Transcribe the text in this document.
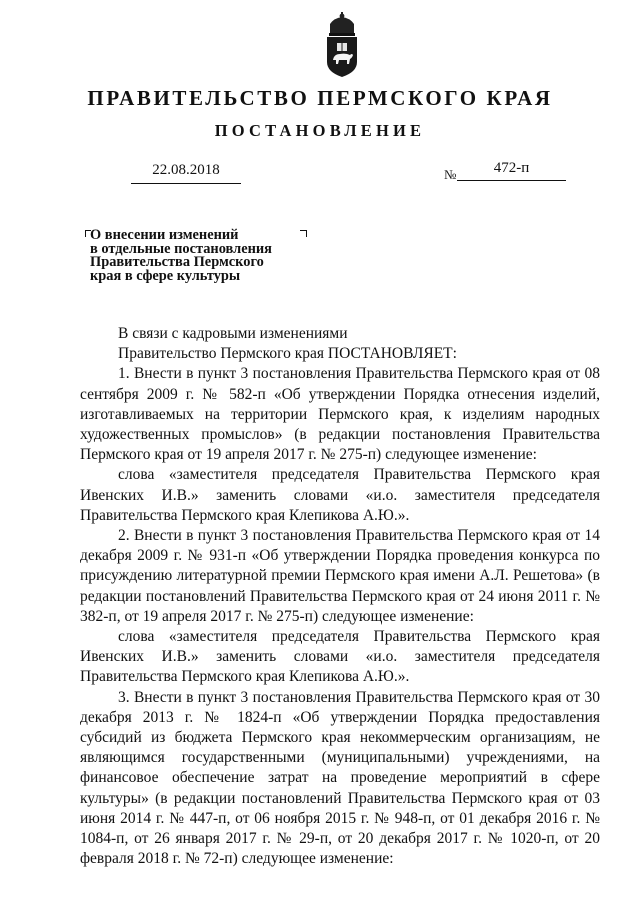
ПРАВИТЕЛЬСТВО ПЕРМСКОГО КРАЯ
ПОСТАНОВЛЕНИЕ
22.08.2018	№	472-п
О внесении изменений
в отдельные постановления
Правительства Пермского
края в сфере культуры

В связи с кадровыми изменениями

Правительство Пермского края ПОСТАНОВЛЯЕТ:

1. Внести в пункт 3 постановления Правительства Пермского края от 08 сентября 2009 г. № 582-п «Об утверждении Порядка отнесения изделий, изготавливаемых на территории Пермского края, к изделиям народных художественных промыслов» (в редакции постановления Правительства Пермского края от 19 апреля 2017 г. № 275-п) следующее изменение:

слова «заместителя председателя Правительства Пермского края Ивенских И.В.» заменить словами «и.о. заместителя председателя Правительства Пермского края Клепикова А.Ю.».

2. Внести в пункт 3 постановления Правительства Пермского края от 14 декабря 2009 г. № 931-п «Об утверждении Порядка проведения конкурса по присуждению литературной премии Пермского края имени А.Л. Решетова» (в редакции постановлений Правительства Пермского края от 24 июня 2011 г. № 382-п, от 19 апреля 2017 г. № 275-п) следующее изменение:

слова «заместителя председателя Правительства Пермского края Ивенских И.В.» заменить словами «и.о. заместителя председателя Правительства Пермского края Клепикова А.Ю.».

3. Внести в пункт 3 постановления Правительства Пермского края от 30 декабря 2013 г. № 1824-п «Об утверждении Порядка предоставления субсидий из бюджета Пермского края некоммерческим организациям, не являющимся государственными (муниципальными) учреждениями, на финансовое обеспечение затрат на проведение мероприятий в сфере культуры» (в редакции постановлений Правительства Пермского края от 03 июня 2014 г. № 447-п, от 06 ноября 2015 г. № 948-п, от 01 декабря 2016 г. № 1084-п, от 26 января 2017 г. № 29-п, от 20 декабря 2017 г. № 1020-п, от 20 февраля 2018 г. № 72-п) следующее изменение:
